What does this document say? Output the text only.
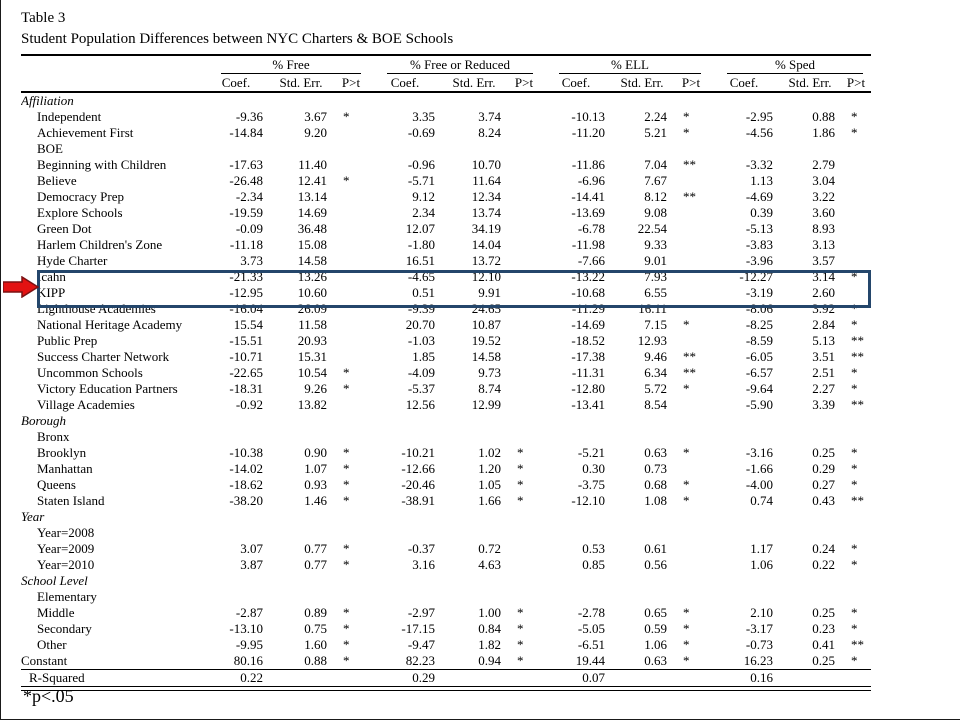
Table 3
Student Population Differences between NYC Charters & BOE Schools

	% Free			% Free or Reduced			% ELL			% Sped		

	Coef.	Std. Err.	P>t	Coef.	Std. Err.	P>t	Coef.	Std. Err.	P>t	Coef.	Std. Err.	P>t
Affiliation												
Independent	-9.36	3.67	*	3.35	3.74		-10.13	2.24	*	-2.95	0.88	*
Achievement First	-14.84	9.20		-0.69	8.24		-11.20	5.21	*	-4.56	1.86	*
BOE												
Beginning with Children	-17.63	11.40		-0.96	10.70		-11.86	7.04	**	-3.32	2.79	
Believe	-26.48	12.41	*	-5.71	11.64		-6.96	7.67		1.13	3.04	
Democracy Prep	-2.34	13.14		9.12	12.34		-14.41	8.12	**	-4.69	3.22	
Explore Schools	-19.59	14.69		2.34	13.74		-13.69	9.08		0.39	3.60	
Green Dot	-0.09	36.48		12.07	34.19		-6.78	22.54		-5.13	8.93	
Harlem Children's Zone	-11.18	15.08		-1.80	14.04		-11.98	9.33		-3.83	3.13	
Hyde Charter	3.73	14.58		16.51	13.72		-7.66	9.01		-3.96	3.57	
Icahn	-21.33	13.26		-4.65	12.10		-13.22	7.93		-12.27	3.14	*
KIPP	-12.95	10.60		0.51	9.91		-10.68	6.55		-3.19	2.60	
Lighthouse Academies	-16.04	26.09		-9.39	24.65		-11.29	16.11		-8.06	3.92	*
National Heritage Academy	15.54	11.58		20.70	10.87		-14.69	7.15	*	-8.25	2.84	*
Public Prep	-15.51	20.93		-1.03	19.52		-18.52	12.93		-8.59	5.13	**
Success Charter Network	-10.71	15.31		1.85	14.58		-17.38	9.46	**	-6.05	3.51	**
Uncommon Schools	-22.65	10.54	*	-4.09	9.73		-11.31	6.34	**	-6.57	2.51	*
Victory Education Partners	-18.31	9.26	*	-5.37	8.74		-12.80	5.72	*	-9.64	2.27	*
Village Academies	-0.92	13.82		12.56	12.99		-13.41	8.54		-5.90	3.39	**
Borough												
Bronx												
Brooklyn	-10.38	0.90	*	-10.21	1.02	*	-5.21	0.63	*	-3.16	0.25	*
Manhattan	-14.02	1.07	*	-12.66	1.20	*	0.30	0.73		-1.66	0.29	*
Queens	-18.62	0.93	*	-20.46	1.05	*	-3.75	0.68	*	-4.00	0.27	*
Staten Island	-38.20	1.46	*	-38.91	1.66	*	-12.10	1.08	*	0.74	0.43	**
Year												
Year=2008												
Year=2009	3.07	0.77	*	-0.37	0.72		0.53	0.61		1.17	0.24	*
Year=2010	3.87	0.77	*	3.16	4.63		0.85	0.56		1.06	0.22	*
School Level												
Elementary												
Middle	-2.87	0.89	*	-2.97	1.00	*	-2.78	0.65	*	2.10	0.25	*
Secondary	-13.10	0.75	*	-17.15	0.84	*	-5.05	0.59	*	-3.17	0.23	*
Other	-9.95	1.60	*	-9.47	1.82	*	-6.51	1.06	*	-0.73	0.41	**
Constant	80.16	0.88	*	82.23	0.94	*	19.44	0.63	*	16.23	0.25	*
R-Squared	0.22			0.29			0.07			0.16		
*p<.05
